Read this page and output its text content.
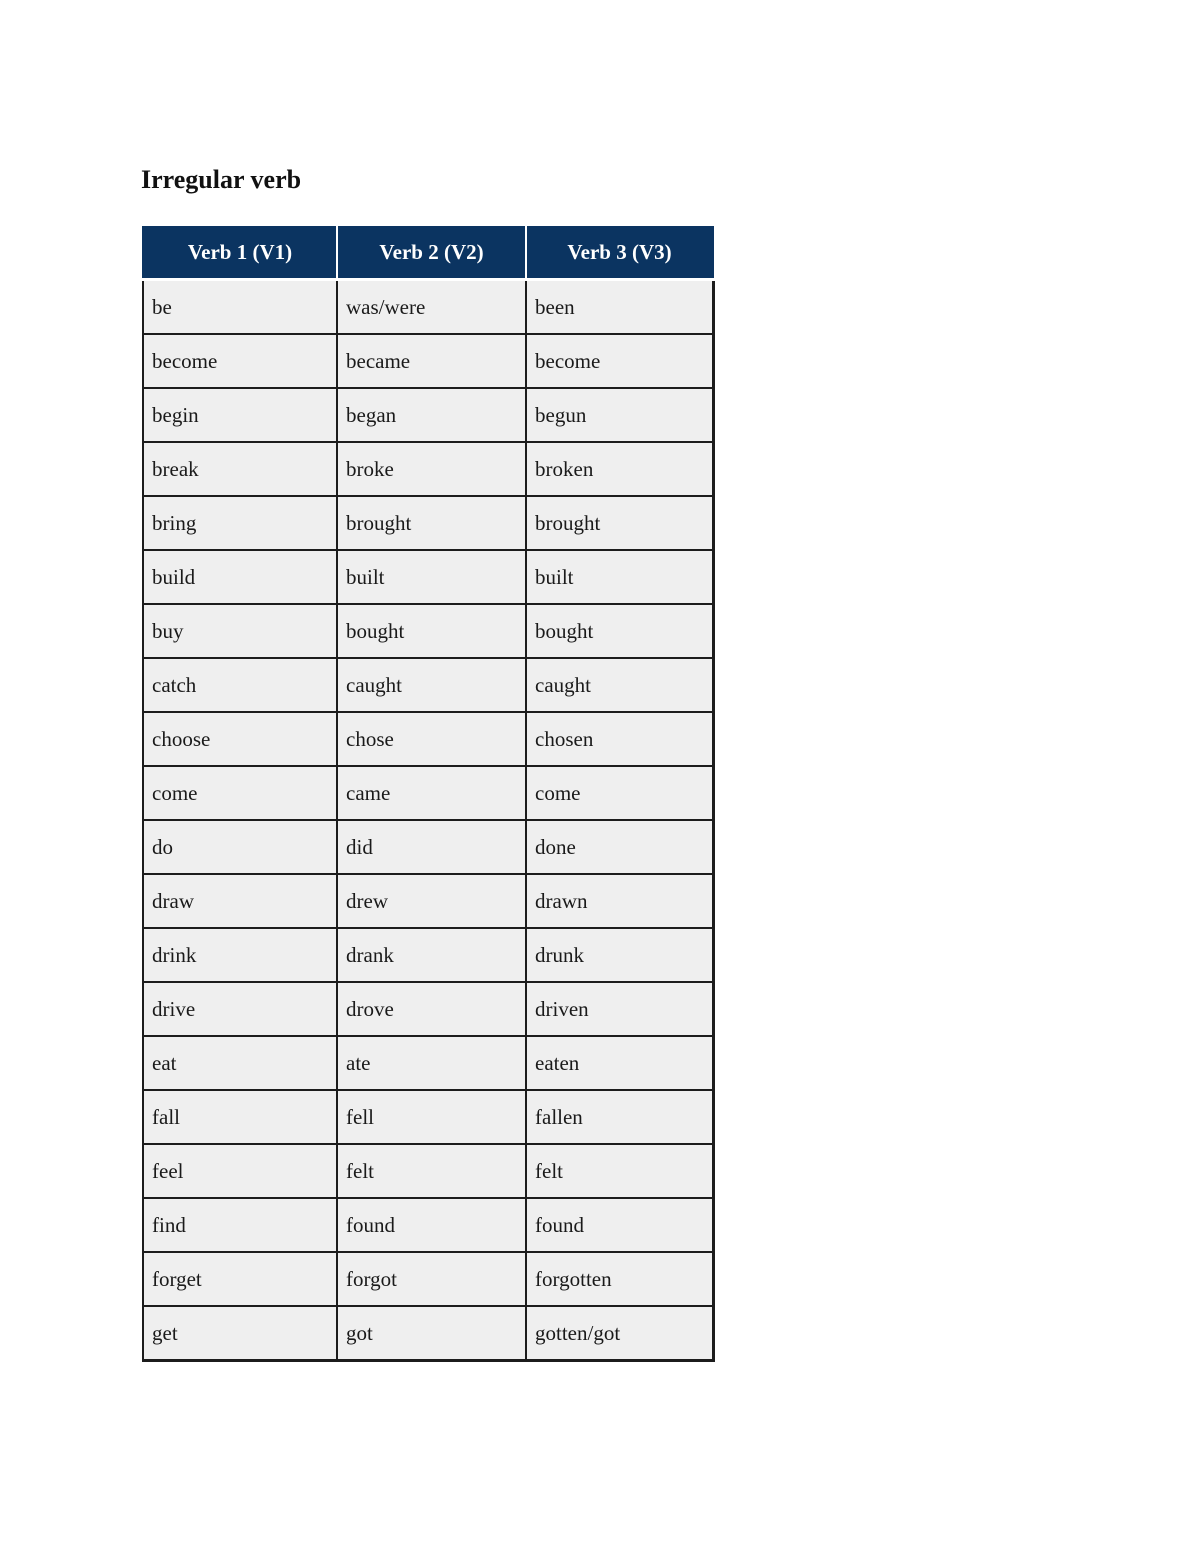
Irregular verb
Verb 1 (V1)	Verb 2 (V2)	Verb 3 (V3)
be	was/were	been
become	became	become
begin	began	begun
break	broke	broken
bring	brought	brought
build	built	built
buy	bought	bought
catch	caught	caught
choose	chose	chosen
come	came	come
do	did	done
draw	drew	drawn
drink	drank	drunk
drive	drove	driven
eat	ate	eaten
fall	fell	fallen
feel	felt	felt
find	found	found
forget	forgot	forgotten
get	got	gotten/got
